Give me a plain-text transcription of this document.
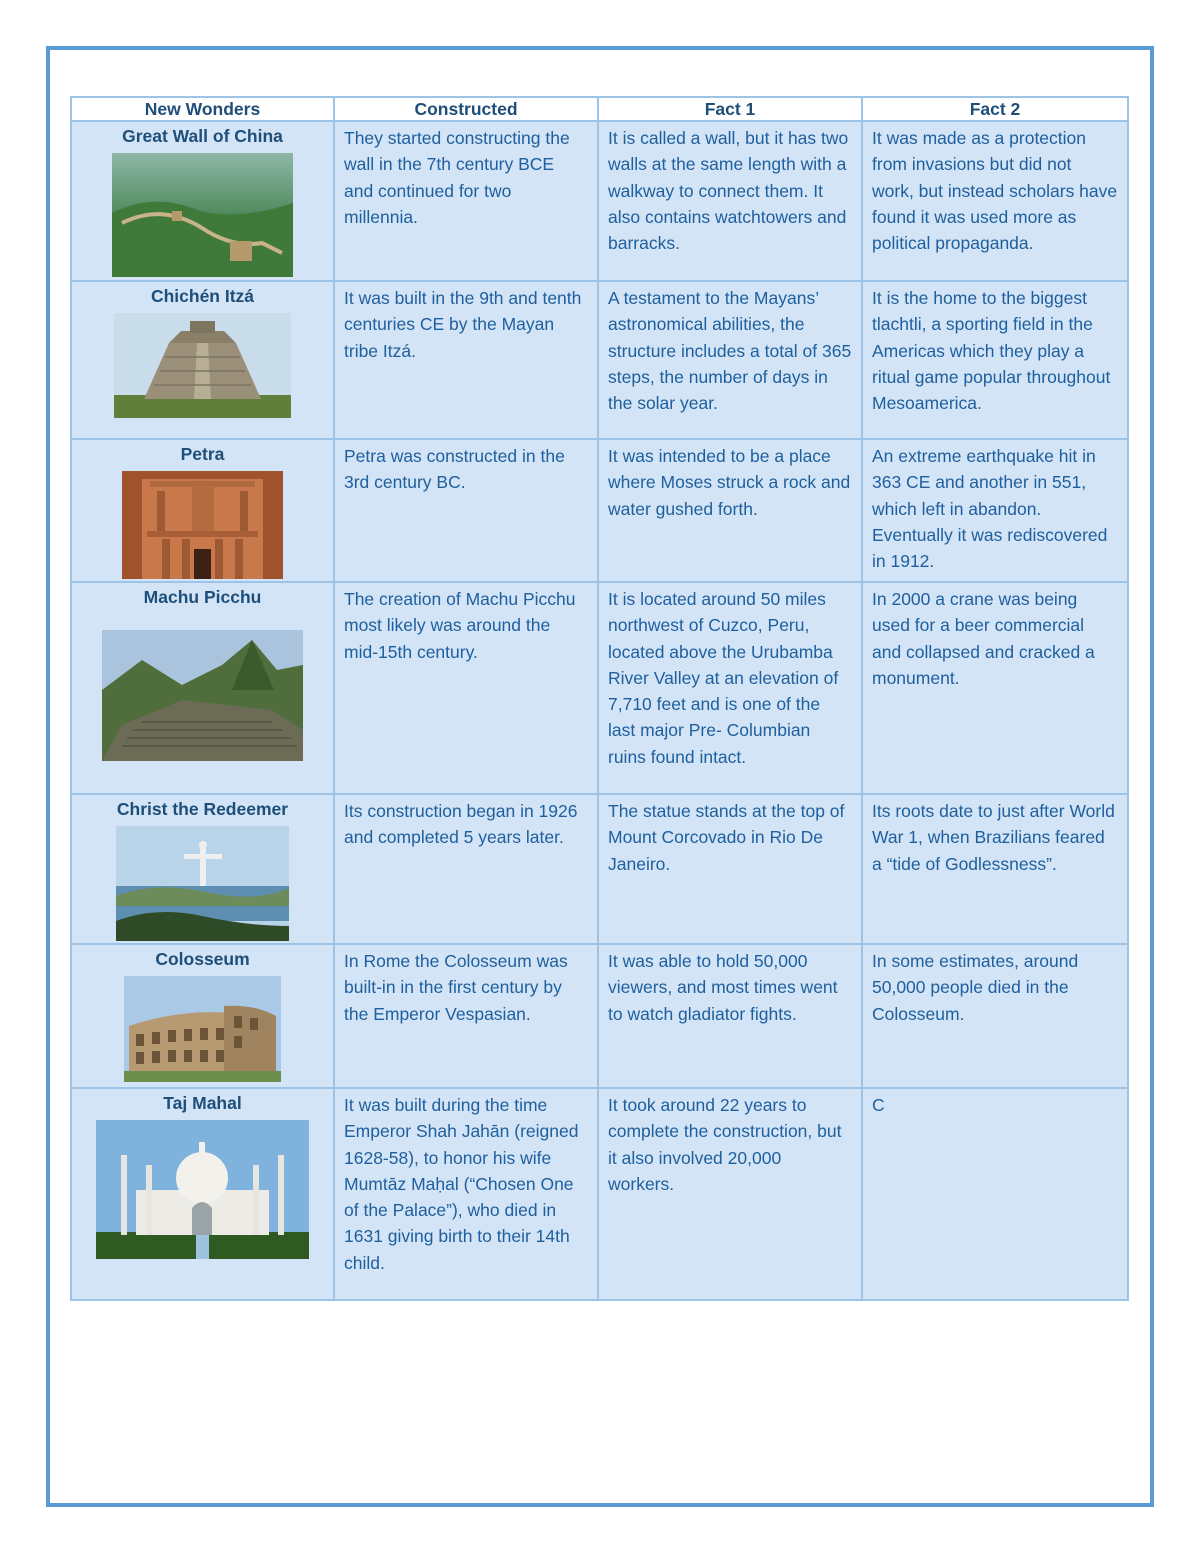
New Wonders	Constructed	Fact 1	Fact 2

Great Wall of China	They started constructing the wall in the 7th century BCE and continued for two millennia.	It is called a wall, but it has two walls at the same length with a walkway to connect them. It also contains watchtowers and barracks.	It was made as a protection from invasions but did not work, but instead scholars have found it was used more as political propaganda.

Chichén Itzá	It was built in the 9th and tenth centuries CE by the Mayan tribe Itzá.	A testament to the Mayans’ astronomical abilities, the structure includes a total of 365 steps, the number of days in the solar year.	It is the home to the biggest tlachtli, a sporting field in the Americas which they play a ritual game popular throughout Mesoamerica.

Petra	Petra was constructed in the 3rd century BC.	It was intended to be a place where Moses struck a rock and water gushed forth.	An extreme earthquake hit in 363 CE and another in 551, which left in abandon. Eventually it was rediscovered in 1912.

Machu Picchu	The creation of Machu Picchu most likely was around the mid-15th century.	It is located around 50 miles northwest of Cuzco, Peru, located above the Urubamba River Valley at an elevation of 7,710 feet and is one of the last major Pre- Columbian ruins found intact.	In 2000 a crane was being used for a beer commercial and collapsed and cracked a monument.

Christ the Redeemer	Its construction began in 1926 and completed 5 years later.	The statue stands at the top of Mount Corcovado in Rio De Janeiro.	Its roots date to just after World War 1, when Brazilians feared a “tide of Godlessness”.

Colosseum	In Rome the Colosseum was built-in in the first century by the Emperor Vespasian.	It was able to hold 50,000 viewers, and most times went to watch gladiator fights.	In some estimates, around 50,000 people died in the Colosseum.

Taj Mahal	It was built during the time Emperor Shah Jahān (reigned 1628-58), to honor his wife Mumtāz Maḥal (“Chosen One of the Palace”), who died in 1631 giving birth to their 14th child.	It took around 22 years to complete the construction, but it also involved 20,000 workers.	C
